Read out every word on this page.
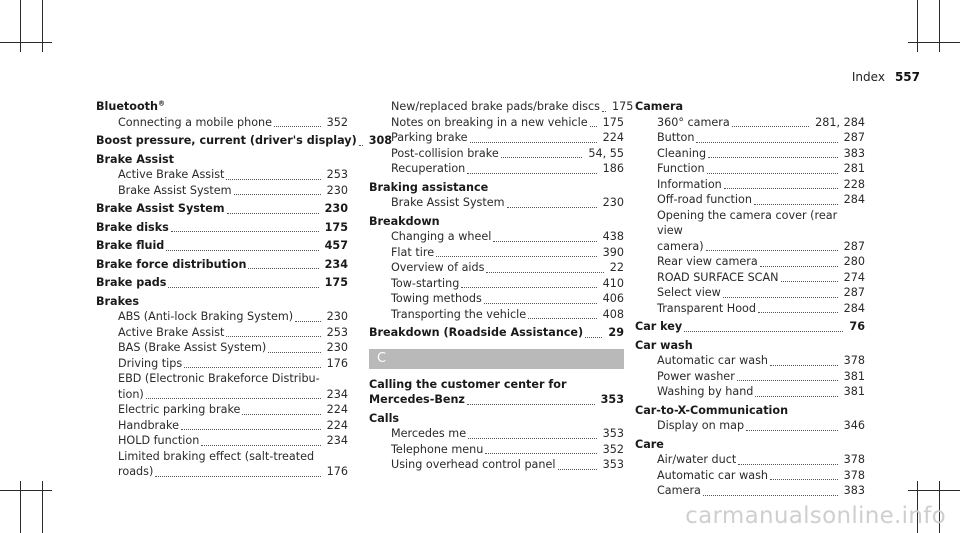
Index 557
Bluetooth®
Connecting a mobile phone	352
Boost pressure, current (driver's display)	308
Brake Assist
Active Brake Assist	253
Brake Assist System	230
Brake Assist System	230
Brake disks	175
Brake fluid	457
Brake force distribution	234
Brake pads	175
Brakes
ABS (Anti-lock Braking System)	230
Active Brake Assist	253
BAS (Brake Assist System)	230
Driving tips	176
EBD (Electronic Brakeforce Distribu-
tion)	234
Electric parking brake	224
Handbrake	224
HOLD function	234
Limited braking effect (salt-treated
roads)	176
New/replaced brake pads/brake discs	175
Notes on breaking in a new vehicle	175
Parking brake	224
Post-collision brake	54, 55
Recuperation	186
Braking assistance
Brake Assist System	230
Breakdown
Changing a wheel	438
Flat tire	390
Overview of aids	22
Tow-starting	410
Towing methods	406
Transporting the vehicle	408
Breakdown (Roadside Assistance)	29
C
Calling the customer center for
Mercedes-Benz	353
Calls
Mercedes me	353
Telephone menu	352
Using overhead control panel	353
Camera
360° camera	281, 284
Button	287
Cleaning	383
Function	281
Information	228
Off-road function	284
Opening the camera cover (rear view
camera)	287
Rear view camera	280
ROAD SURFACE SCAN	274
Select view	287
Transparent Hood	284
Car key	76
Car wash
Automatic car wash	378
Power washer	381
Washing by hand	381
Car-to-X-Communication
Display on map	346
Care
Air/water duct	378
Automatic car wash	378
Camera	383
carmanualsonline.info
